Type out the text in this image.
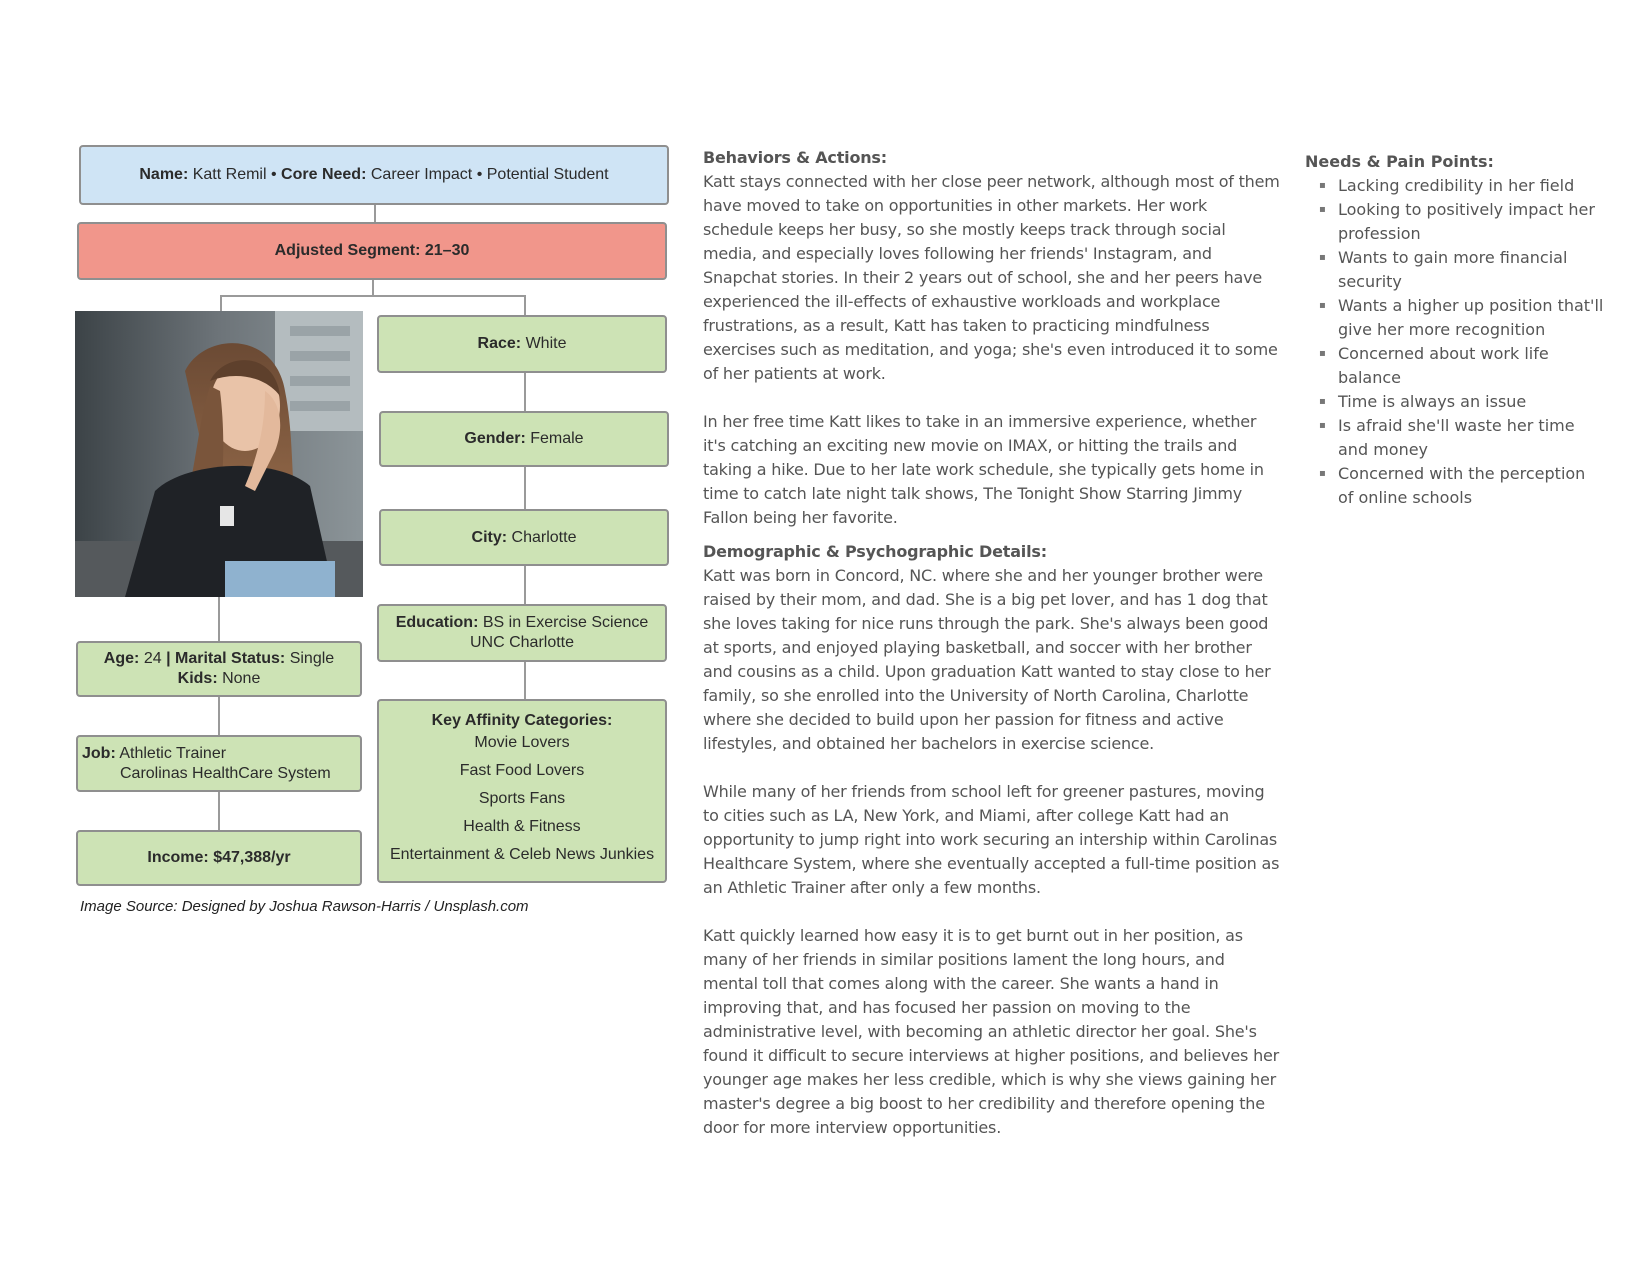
Name: Katt Remil • Core Need: Career Impact • Potential Student
Adjusted Segment: 21–30
Race: White
Gender: Female
City: Charlotte
Education: BS in Exercise Science
UNC Charlotte
Key Affinity Categories:
Movie Lovers
Fast Food Lovers
Sports Fans
Health & Fitness
Entertainment & Celeb News Junkies
Age: 24 | Marital Status: Single
Kids: None
Job: Athletic Trainer
Carolinas HealthCare System
Income: $47,388/yr
Image Source: Designed by Joshua Rawson-Harris / Unsplash.com
Behaviors & Actions:

Katt stays connected with her close peer network, although most of them have moved to take on opportunities in other markets. Her work schedule keeps her busy, so she mostly keeps track through social media, and especially loves following her friends' Instagram, and Snapchat stories. In their 2 years out of school, she and her peers have experienced the ill-effects of exhaustive workloads and workplace frustrations, as a result, Katt has taken to practicing mindfulness exercises such as meditation, and yoga; she's even introduced it to some of her patients at work.

In her free time Katt likes to take in an immersive experience, whether it's catching an exciting new movie on IMAX, or hitting the trails and taking a hike. Due to her late work schedule, she typically gets home in time to catch late night talk shows, The Tonight Show Starring Jimmy Fallon being her favorite.

Demographic & Psychographic Details:

Katt was born in Concord, NC. where she and her younger brother were raised by their mom, and dad. She is a big pet lover, and has 1 dog that she loves taking for nice runs through the park. She's always been good at sports, and enjoyed playing basketball, and soccer with her brother and cousins as a child. Upon graduation Katt wanted to stay close to her family, so she enrolled into the University of North Carolina, Charlotte where she decided to build upon her passion for fitness and active lifestyles, and obtained her bachelors in exercise science.

While many of her friends from school left for greener pastures, moving to cities such as LA, New York, and Miami, after college Katt had an opportunity to jump right into work securing an intership within Carolinas Healthcare System, where she eventually accepted a full-time position as an Athletic Trainer after only a few months.

Katt quickly learned how easy it is to get burnt out in her position, as many of her friends in similar positions lament the long hours, and mental toll that comes along with the career. She wants a hand in improving that, and has focused her passion on moving to the administrative level, with becoming an athletic director her goal. She's found it difficult to secure interviews at higher positions, and believes her younger age makes her less credible, which is why she views gaining her master's degree a big boost to her credibility and therefore opening the door for more interview opportunities.

Needs & Pain Points:
▪ Lacking credibility in her field
▪ Looking to positively impact her profession
▪ Wants to gain more financial security
▪ Wants a higher up position that'll give her more recognition
▪ Concerned about work life balance
▪ Time is always an issue
▪ Is afraid she'll waste her time and money
▪ Concerned with the perception of online schools
